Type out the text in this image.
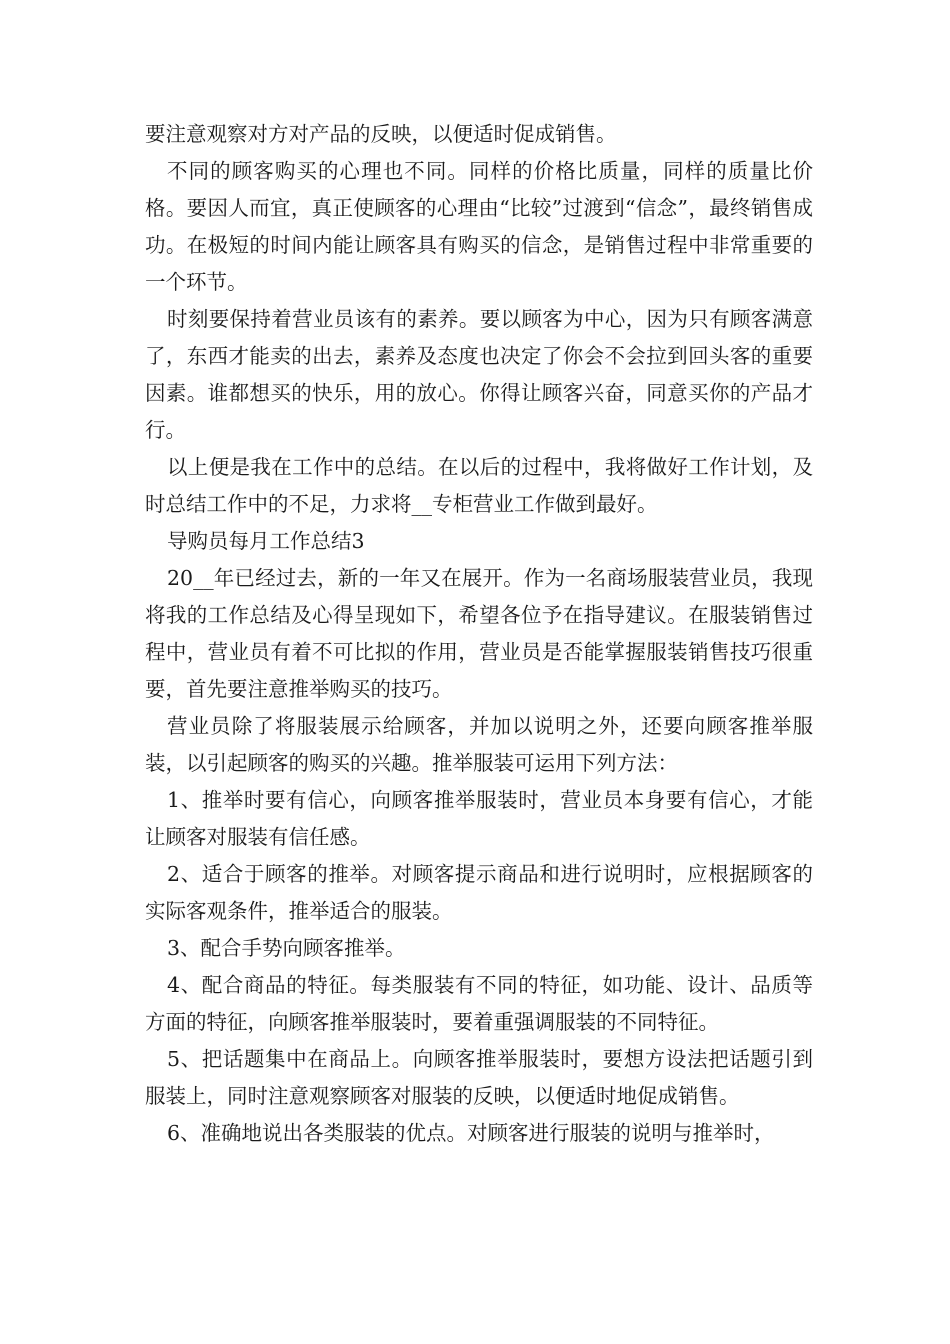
要注意观察对方对产品的反映，以便适时促成销售。

不同的顾客购买的心理也不同。同样的价格比质量，同样的质量比价格。要因人而宜，真正使顾客的心理由“比较”过渡到“信念”，最终销售成功。在极短的时间内能让顾客具有购买的信念，是销售过程中非常重要的一个环节。

时刻要保持着营业员该有的素养。要以顾客为中心，因为只有顾客满意了，东西才能卖的出去，素养及态度也决定了你会不会拉到回头客的重要因素。谁都想买的快乐，用的放心。你得让顾客兴奋，同意买你的产品才行。

以上便是我在工作中的总结。在以后的过程中，我将做好工作计划，及时总结工作中的不足，力求将__专柜营业工作做到最好。

导购员每月工作总结3

20__年已经过去，新的一年又在展开。作为一名商场服装营业员，我现将我的工作总结及心得呈现如下，希望各位予在指导建议。在服装销售过程中，营业员有着不可比拟的作用，营业员是否能掌握服装销售技巧很重要，首先要注意推举购买的技巧。

营业员除了将服装展示给顾客，并加以说明之外，还要向顾客推举服装，以引起顾客的购买的兴趣。推举服装可运用下列方法：

1、推举时要有信心，向顾客推举服装时，营业员本身要有信心，才能让顾客对服装有信任感。

2、适合于顾客的推举。对顾客提示商品和进行说明时，应根据顾客的实际客观条件，推举适合的服装。

3、配合手势向顾客推举。

4、配合商品的特征。每类服装有不同的特征，如功能、设计、品质等方面的特征，向顾客推举服装时，要着重强调服装的不同特征。

5、把话题集中在商品上。向顾客推举服装时，要想方设法把话题引到服装上，同时注意观察顾客对服装的反映，以便适时地促成销售。

6、准确地说出各类服装的优点。对顾客进行服装的说明与推举时，
